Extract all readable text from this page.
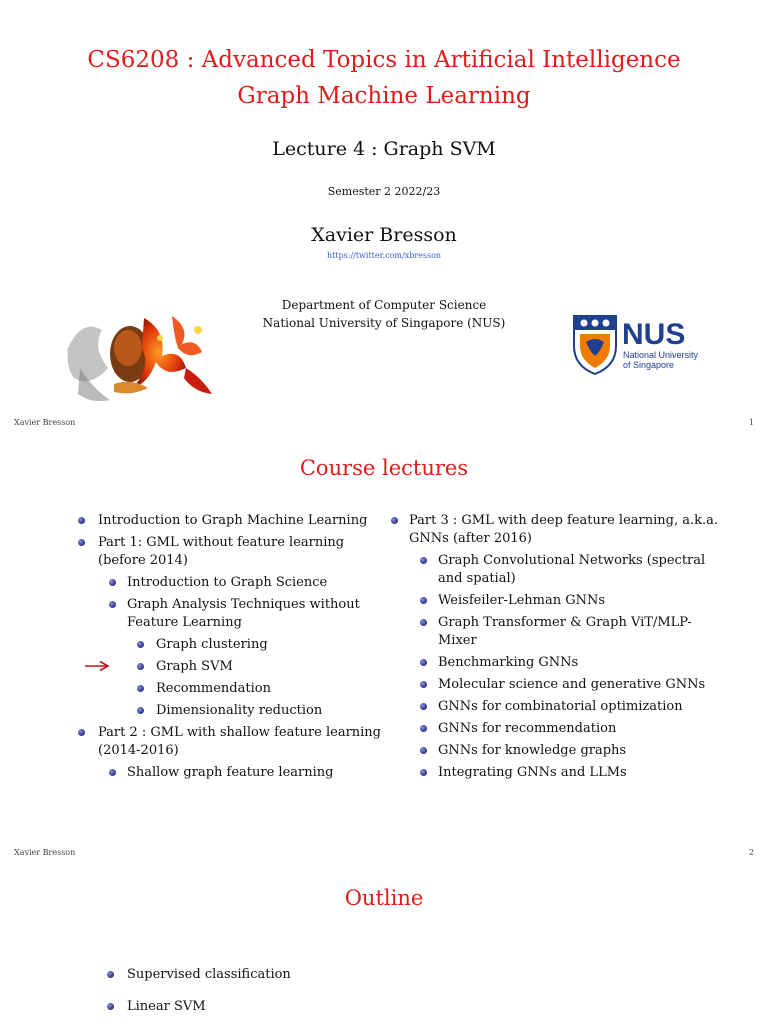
CS6208 : Advanced Topics in Artificial Intelligence
Graph Machine Learning
Lecture 4 : Graph SVM
Semester 2 2022/23
Xavier Bresson
https://twitter.com/xbresson
Department of Computer Science
National University of Singapore (NUS)	NUS
National University
of Singapore
Xavier Bresson	1
Course lectures
Introduction to Graph Machine Learning
Part 1: GML without feature learning (before 2014)
Introduction to Graph Science
Graph Analysis Techniques without Feature Learning
Graph clustering
Graph SVM
Recommendation
Dimensionality reduction
Part 2 : GML with shallow feature learning (2014-2016)
Shallow graph feature learning
Part 3 : GML with deep feature learning, a.k.a. GNNs (after 2016)
Graph Convolutional Networks (spectral and spatial)
Weisfeiler-Lehman GNNs
Graph Transformer & Graph ViT/MLP-Mixer
Benchmarking GNNs
Molecular science and generative GNNs
GNNs for combinatorial optimization
GNNs for recommendation
GNNs for knowledge graphs
Integrating GNNs and LLMs
Xavier Bresson	2
Outline
Supervised classification
Linear SVM
